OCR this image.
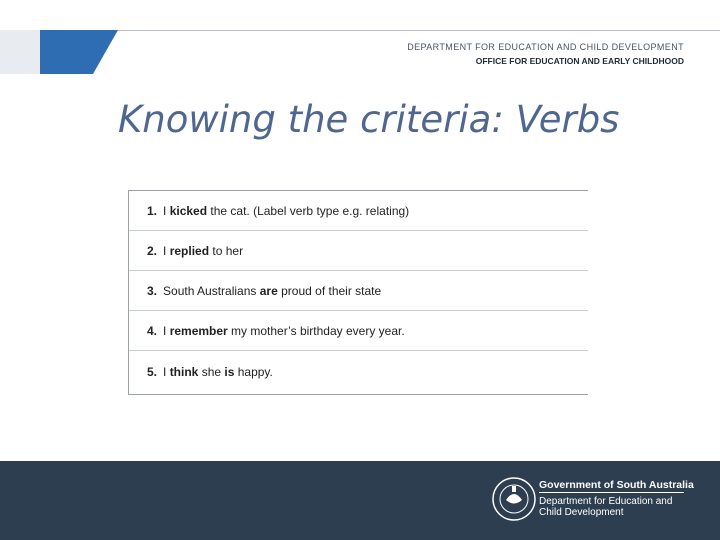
DEPARTMENT FOR EDUCATION AND CHILD DEVELOPMENT
OFFICE FOR EDUCATION AND EARLY CHILDHOOD
Knowing the criteria: Verbs
1. I kicked the cat. (Label verb type e.g. relating)
2. I replied to her
3. South Australians are proud of their state
4. I remember my mother’s birthday every year.
5. I think she is happy.
Government of South Australia
Department for Education and
Child Development
